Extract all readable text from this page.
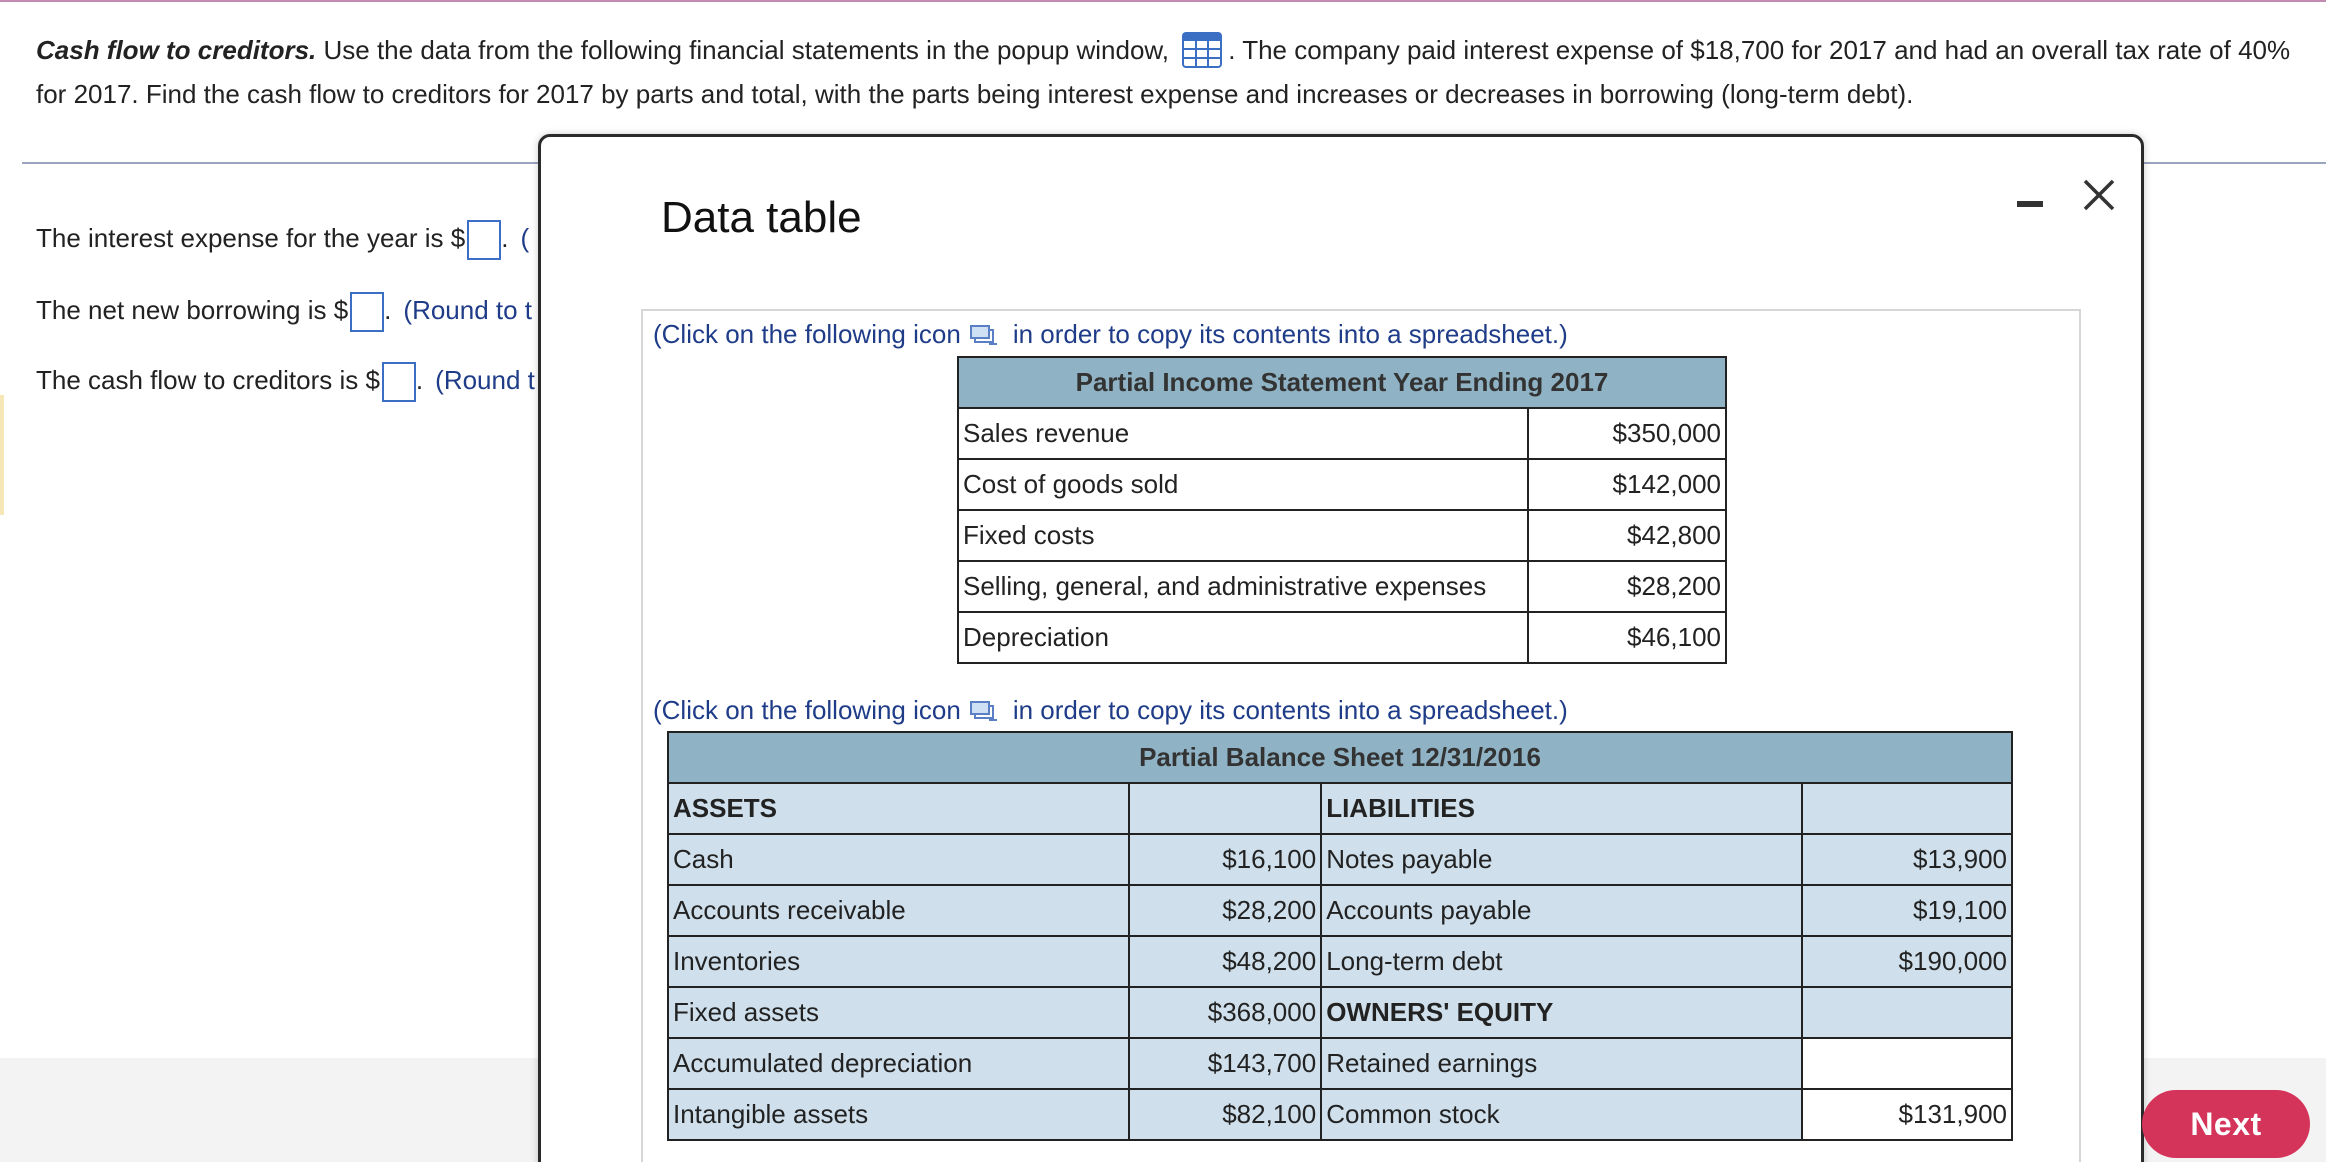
Cash flow to creditors. Use the data from the following financial statements in the popup window, . The company paid interest expense of $18,700 for 2017 and had an overall tax rate of 40% for 2017. Find the cash flow to creditors for 2017 by parts and total, with the parts being interest expense and increases or decreases in borrowing (long-term debt).
The interest expense for the year is $ . (
The net new borrowing is $ . (Round to t
The cash flow to creditors is $ . (Round t
Data table
(Click on the following icon in order to copy its contents into a spreadsheet.)
Partial Income Statement Year Ending 2017	
Sales revenue	$350,000
Cost of goods sold	$142,000
Fixed costs	$42,800
Selling, general, and administrative expenses	$28,200
Depreciation	$46,100
(Click on the following icon in order to copy its contents into a spreadsheet.)
Partial Balance Sheet 12/31/2016			
ASSETS		LIABILITIES	
Cash	$16,100	Notes payable	$13,900
Accounts receivable	$28,200	Accounts payable	$19,100
Inventories	$48,200	Long-term debt	$190,000
Fixed assets	$368,000	OWNERS' EQUITY	
Accumulated depreciation	$143,700	Retained earnings	
Intangible assets	$82,100	Common stock	$131,900	Next
